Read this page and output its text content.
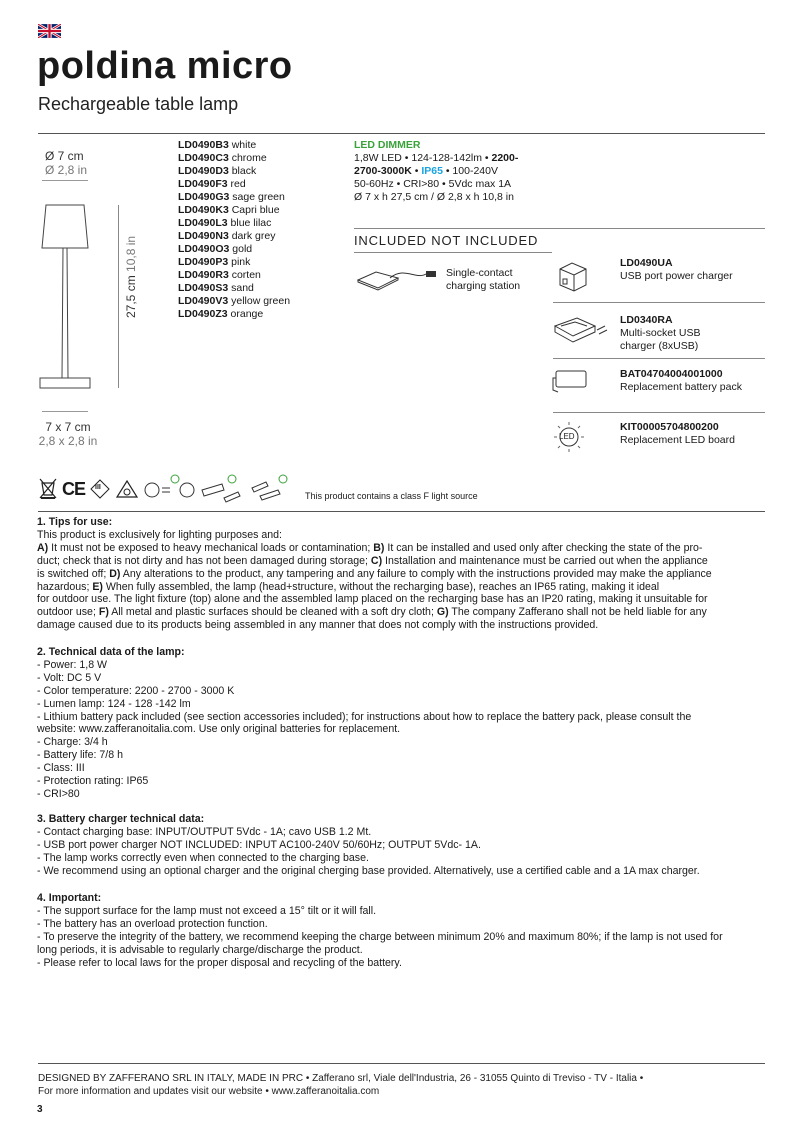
poldina micro
Rechargeable table lamp
Ø 7 cm
Ø 2,8 in
27,5 cm 10,8 in
7 x 7 cm
2,8 x 2,8 in
LD0490B3 white
LD0490C3 chrome
LD0490D3 black
LD0490F3 red
LD0490G3 sage green
LD0490K3 Capri blue
LD0490L3 blue lilac
LD0490N3 dark grey
LD0490O3 gold
LD0490P3 pink
LD0490R3 corten
LD0490S3 sand
LD0490V3 yellow green
LD0490Z3 orange
LED DIMMER
1,8W LED • 124-128-142lm • 2200-
2700-3000K • IP65 • 100-240V
50-60Hz • CRI>80 • 5Vdc max 1A
Ø 7 x h 27,5 cm / Ø 2,8 x h 10,8 in
INCLUDED NOT INCLUDED
Single-contact
charging station
LD0490UA
USB port power charger
LD0340RA
Multi-socket USB
charger (8xUSB)
BAT04704004001000
Replacement battery pack
LED
KIT00005704800200
Replacement LED board
CE III
This product contains a class F light source
1. Tips for use:

This product is exclusively for lighting purposes and:

A) It must not be exposed to heavy mechanical loads or contamination; B) It can be installed and used only after checking the state of the pro-

duct; check that is not dirty and has not been damaged during storage; C) Installation and maintenance must be carried out when the appliance

is switched off; D) Any alterations to the product, any tampering and any failure to comply with the instructions provided may make the appliance

hazardous; E) When fully assembled, the lamp (head+structure, without the recharging base), reaches an IP65 rating, making it ideal

for outdoor use. The light fixture (top) alone and the assembled lamp placed on the recharging base has an IP20 rating, making it unsuitable for

outdoor use; F) All metal and plastic surfaces should be cleaned with a soft dry cloth; G) The company Zafferano shall not be held liable for any

damage caused due to its products being assembled in any manner that does not comply with the instructions provided.

2. Technical data of the lamp:

- Power: 1,8 W

- Volt: DC 5 V

- Color temperature: 2200 - 2700 - 3000 K

- Lumen lamp: 124 - 128 -142 lm

- Lithium battery pack included (see section accessories included); for instructions about how to replace the battery pack, please consult the

website: www.zafferanoitalia.com. Use only original batteries for replacement.

- Charge: 3/4 h

- Battery life: 7/8 h

- Class: III

- Protection rating: IP65

- CRI>80

3. Battery charger technical data:

- Contact charging base: INPUT/OUTPUT 5Vdc - 1A; cavo USB 1.2 Mt.

- USB port power charger NOT INCLUDED: INPUT AC100-240V 50/60Hz; OUTPUT 5Vdc- 1A.

- The lamp works correctly even when connected to the charging base.

- We recommend using an optional charger and the original cherging base provided. Alternatively, use a certified cable and a 1A max charger.

4. Important:

- The support surface for the lamp must not exceed a 15° tilt or it will fall.

- The battery has an overload protection function.

- To preserve the integrity of the battery, we recommend keeping the charge between minimum 20% and maximum 80%; if the lamp is not used for

long periods, it is advisable to regularly charge/discharge the product.

- Please refer to local laws for the proper disposal and recycling of the battery.

DESIGNED BY ZAFFERANO SRL IN ITALY, MADE IN PRC • Zafferano srl, Viale dell'Industria, 26 - 31055 Quinto di Treviso - TV - Italia •
For more information and updates visit our website • www.zafferanoitalia.com
3
